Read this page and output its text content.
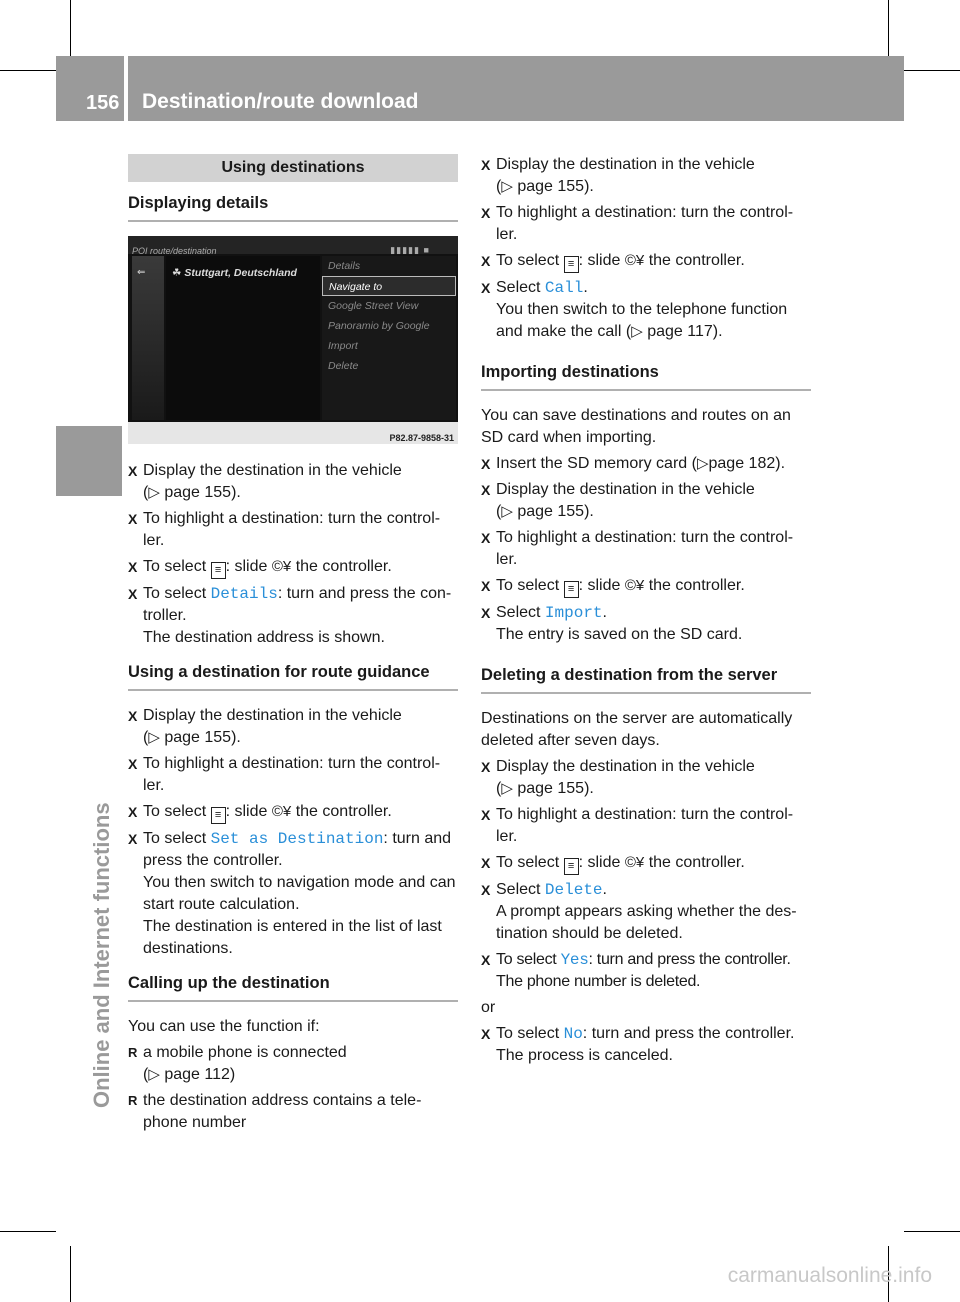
156 Destination/route download
Online and Internet functions
Using destinations
Displaying details
POI route/destination	▮▮▮▮▮ ■
⇐	☘ Stuttgart, Deutschland
Details
Navigate to
Google Street View
Panoramio by Google
Import
Delete
P82.87-9858-31
X Display the destination in the vehicle
(▷ page 155).
X To highlight a destination: turn the control-ler.
X To select ≡ : slide ©¥ the controller.
X To select Details: turn and press the con-troller.
The destination address is shown.
Using a destination for route guidance
X Display the destination in the vehicle
(▷ page 155).
X To highlight a destination: turn the control-ler.
X To select ≡ : slide ©¥ the controller.
X To select Set as Destination: turn and press the controller.
You then switch to navigation mode and can start route calculation.
The destination is entered in the list of last destinations.
Calling up the destination
You can use the function if:
R a mobile phone is connected
(▷ page 112)
R the destination address contains a tele-phone number
X Display the destination in the vehicle
(▷ page 155).
X To highlight a destination: turn the control-ler.
X To select ≡ : slide ©¥ the controller.
X Select Call.
You then switch to the telephone function and make the call (▷ page 117).
Importing destinations
You can save destinations and routes on an SD card when importing.
X Insert the SD memory card (▷page 182).
X Display the destination in the vehicle
(▷ page 155).
X To highlight a destination: turn the control-ler.
X To select ≡ : slide ©¥ the controller.
X Select Import.
The entry is saved on the SD card.
Deleting a destination from the server
Destinations on the server are automatically deleted after seven days.
X Display the destination in the vehicle
(▷ page 155).
X To highlight a destination: turn the control-ler.
X To select ≡ : slide ©¥ the controller.
X Select Delete.
A prompt appears asking whether the des-tination should be deleted.
X To select Yes: turn and press the controller.
The phone number is deleted.
or
X To select No: turn and press the controller.
The process is canceled.
carmanualsonline.info
